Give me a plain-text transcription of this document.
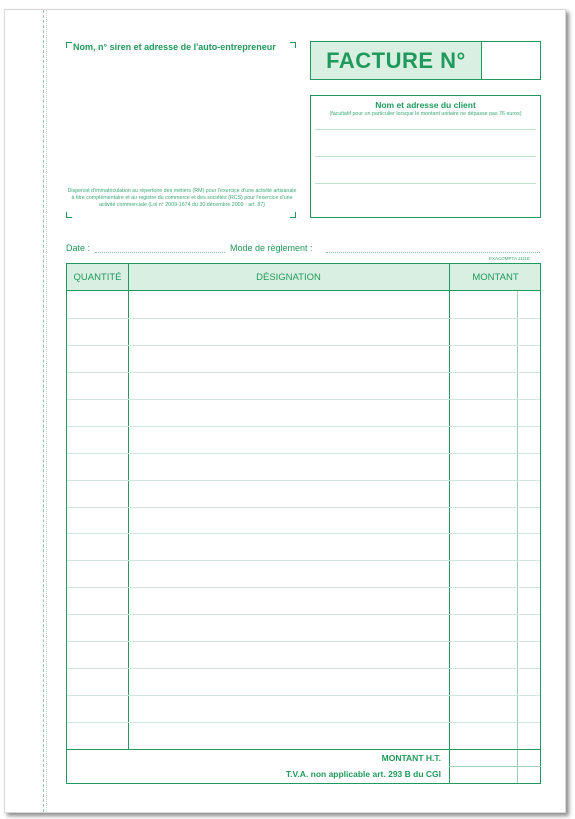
Nom, n° siren et adresse de l'auto-entrepreneur
Dispensé d'immatriculation au répertoire des métiers (RM) pour l'exercice d'une activité artisanale à titre complémentaire et au registre du commerce et des sociétés (RCS) pour l'exercice d'une activité commerciale (Loi n° 2009-1674 du 30 décembre 2009 - art. 87)
FACTURE N°
Nom et adresse du client
(facultatif pour un particulier lorsque le montant unitaire ne dépasse pas 76 euros)
Date :	Mode de règlement :
EXACOMPTA 1111E
QUANTITÉ	DÉSIGNATION	MONTANT
MONTANT H.T.
T.V.A. non applicable art. 293 B du CGI
